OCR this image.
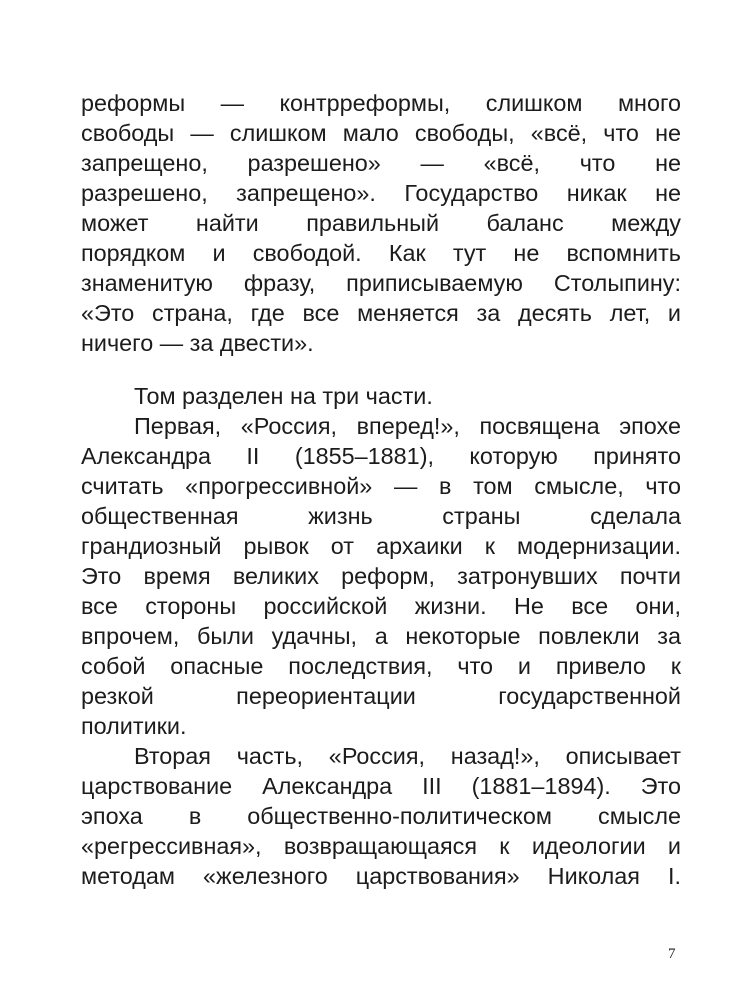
реформы — контрреформы, слишком много
свободы — слишком мало свободы, «всё, что не
запрещено, разрешено» — «всё, что не
разрешено, запрещено». Государство никак не
может найти правильный баланс между
порядком и свободой. Как тут не вспомнить
знаменитую фразу, приписываемую Столыпину:
«Это страна, где все меняется за десять лет, и
ничего — за двести».
Том разделен на три части.
Первая, «Россия, вперед!», посвящена эпохе
Александра II (1855–1881), которую принято
считать «прогрессивной» — в том смысле, что
общественная жизнь страны сделала
грандиозный рывок от архаики к модернизации.
Это время великих реформ, затронувших почти
все стороны российской жизни. Не все они,
впрочем, были удачны, а некоторые повлекли за
собой опасные последствия, что и привело к
резкой переориентации государственной
политики.
Вторая часть, «Россия, назад!», описывает
царствование Александра III (1881–1894). Это
эпоха в общественно-политическом смысле
«регрессивная», возвращающаяся к идеологии и
методам «железного царствования» Николая I.
7
